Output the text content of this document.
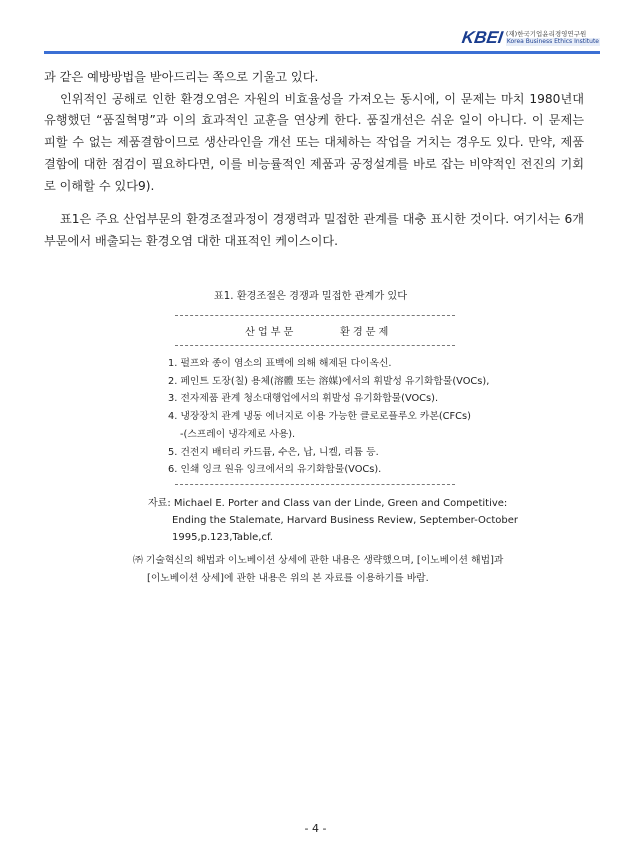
KBEI (재)한국기업윤리경영연구원
Korea Business Ethics Institute

과 같은 예방방법을 받아드리는 쪽으로 기울고 있다.

인위적인 공해로 인한 환경오염은 자원의 비효율성을 가져오는 동시에, 이 문제는 마치 1980년대 유행했던 “품질혁명”과 이의 효과적인 교훈을 연상케 한다. 품질개선은 쉬운 일이 아니다. 이 문제는 피할 수 없는 제품결함이므로 생산라인을 개선 또는 대체하는 작업을 거치는 경우도 있다. 만약, 제품결함에 대한 점검이 필요하다면, 이를 비능률적인 제품과 공정설계를 바로 잡는 비약적인 전진의 기회로 이해할 수 있다9).

표1은 주요 산업부문의 환경조절과정이 경쟁력과 밀접한 관계를 대충 표시한 것이다. 여기서는 6개 부문에서 배출되는 환경오염 대한 대표적인 케이스이다.

표1. 환경조절은 경쟁과 밀접한 관계가 있다
산업부문	환경문제
1. 펄프와 종이 염소의 표백에 의해 해제된 다이옥신.
2. 페인트 도장(칠) 용체(溶體 또는 溶媒)에서의 휘발성 유기화합물(VOCs),
3. 전자제품 관계 청소대행업에서의 휘발성 유기화합물(VOCs).
4. 냉장장치 관계 냉동 에너지로 이용 가능한 클로로플루오 카본(CFCs)
-(스프레이 냉각제로 사용).
5. 건전지 배터리 카드뮴, 수은, 납, 니켈, 리튬 등.
6. 인쇄 잉크 원유 잉크에서의 유기화합물(VOCs).
자료: Michael E. Porter and Class van der Linde, Green and Competitive:
Ending the Stalemate, Harvard Business Review, September-October
1995,p.123,Table,cf.
㈜ 기술혁신의 해법과 이노베이션 상세에 관한 내용은 생략했으며, [이노베이션 해법]과
[이노베이션 상세]에 관한 내용은 위의 본 자료를 이용하기를 바람.
- 4 -
